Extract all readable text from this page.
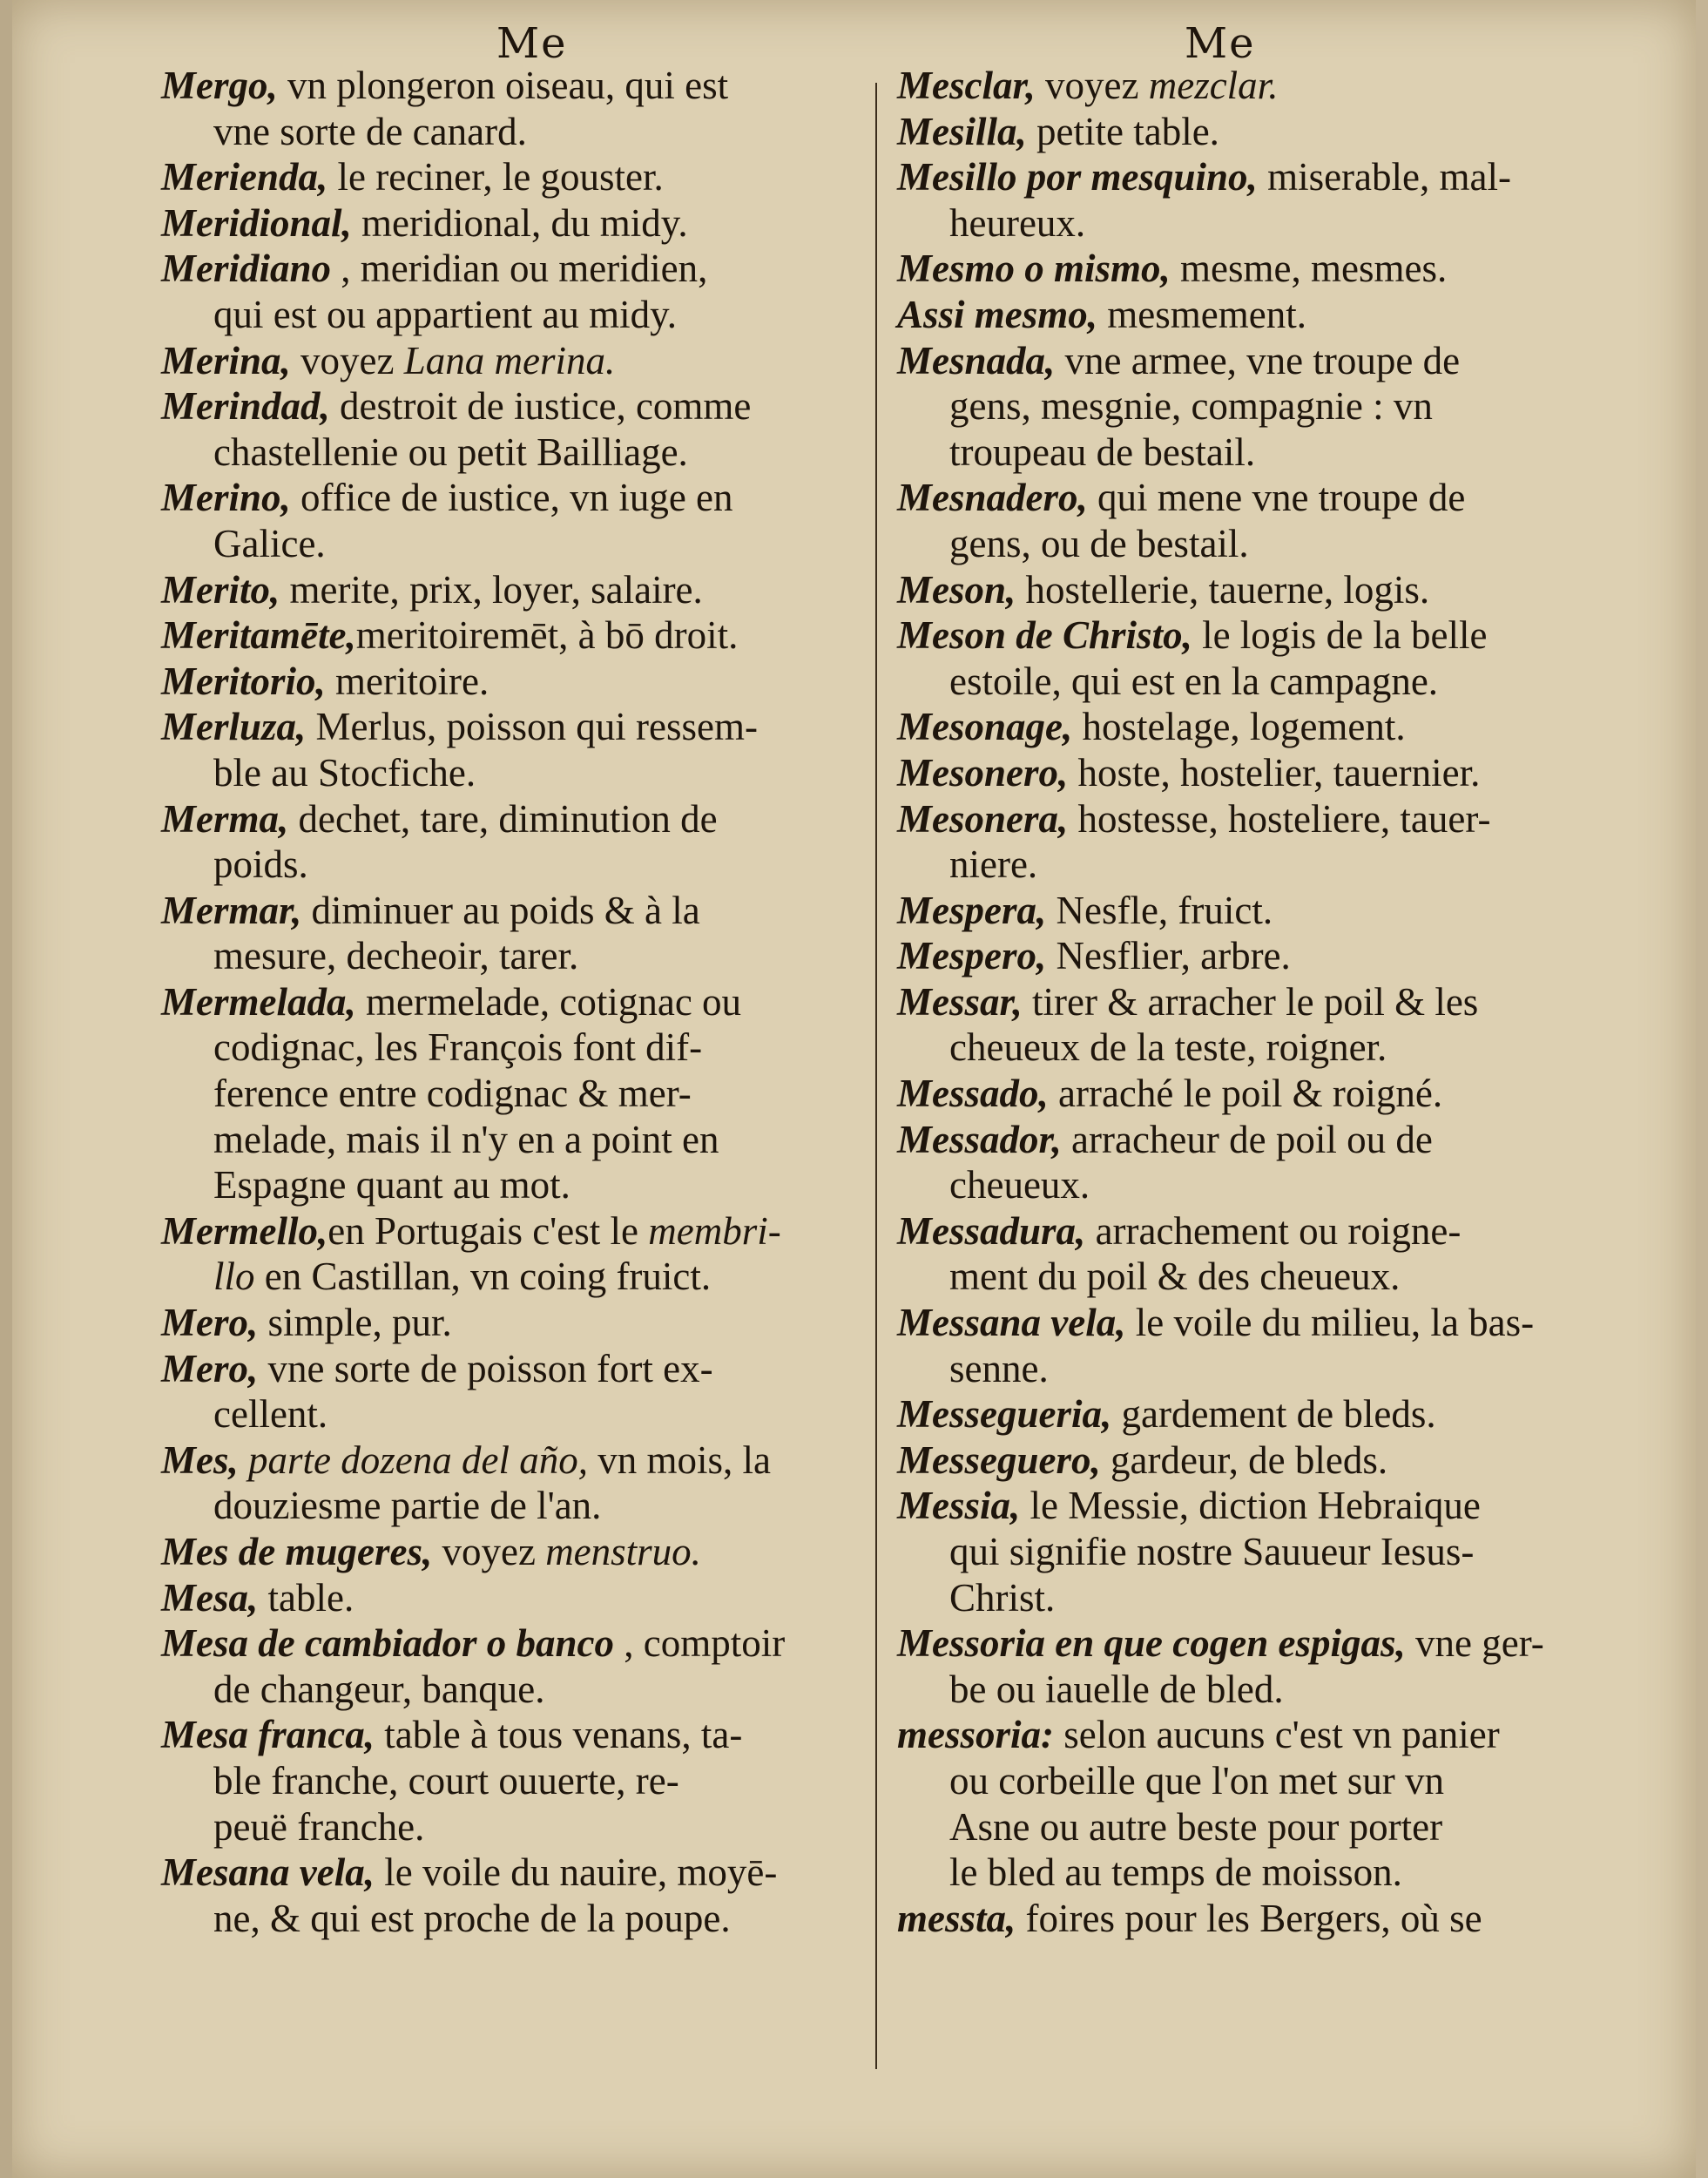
Me	Me
Mergo, vn plongeron oiseau, qui est
vne sorte de canard.
Merienda, le reciner, le gouster.
Meridional, meridional, du midy.
Meridiano , meridian ou meridien,
qui est ou appartient au midy.
Merina, voyez Lana merina.
Merindad, destroit de iustice, comme
chastellenie ou petit Bailliage.
Merino, office de iustice, vn iuge en
Galice.
Merito, merite, prix, loyer, salaire.
Meritamēte,meritoiremēt, à bō droit.
Meritorio, meritoire.
Merluza, Merlus, poisson qui ressem-
ble au Stocfiche.
Merma, dechet, tare, diminution de
poids.
Mermar, diminuer au poids & à la
mesure, decheoir, tarer.
Mermelada, mermelade, cotignac ou
codignac, les François font dif-
ference entre codignac & mer-
melade, mais il n'y en a point en
Espagne quant au mot.
Mermello,en Portugais c'est le membri-
llo en Castillan, vn coing fruict.
Mero, simple, pur.
Mero, vne sorte de poisson fort ex-
cellent.
Mes, parte dozena del año, vn mois, la
douziesme partie de l'an.
Mes de mugeres, voyez menstruo.
Mesa, table.
Mesa de cambiador o banco , comptoir
de changeur, banque.
Mesa franca, table à tous venans, ta-
ble franche, court ouuerte, re-
peuë franche.
Mesana vela, le voile du nauire, moyē-
ne, & qui est proche de la poupe.
Mesclar, voyez mezclar.
Mesilla, petite table.
Mesillo por mesquino, miserable, mal-
heureux.
Mesmo o mismo, mesme, mesmes.
Assi mesmo, mesmement.
Mesnada, vne armee, vne troupe de
gens, mesgnie, compagnie : vn
troupeau de bestail.
Mesnadero, qui mene vne troupe de
gens, ou de bestail.
Meson, hostellerie, tauerne, logis.
Meson de Christo, le logis de la belle
estoile, qui est en la campagne.
Mesonage, hostelage, logement.
Mesonero, hoste, hostelier, tauernier.
Mesonera, hostesse, hosteliere, tauer-
niere.
Mespera, Nesfle, fruict.
Mespero, Nesflier, arbre.
Messar, tirer & arracher le poil & les
cheueux de la teste, roigner.
Messado, arraché le poil & roigné.
Messador, arracheur de poil ou de
cheueux.
Messadura, arrachement ou roigne-
ment du poil & des cheueux.
Messana vela, le voile du milieu, la bas-
senne.
Messegueria, gardement de bleds.
Messeguero, gardeur, de bleds.
Messia, le Messie, diction Hebraique
qui signifie nostre Sauueur Iesus-
Christ.
Messoria en que cogen espigas, vne ger-
be ou iauelle de bled.
messoria: selon aucuns c'est vn panier
ou corbeille que l'on met sur vn
Asne ou autre beste pour porter
le bled au temps de moisson.
messta, foires pour les Bergers, où se
